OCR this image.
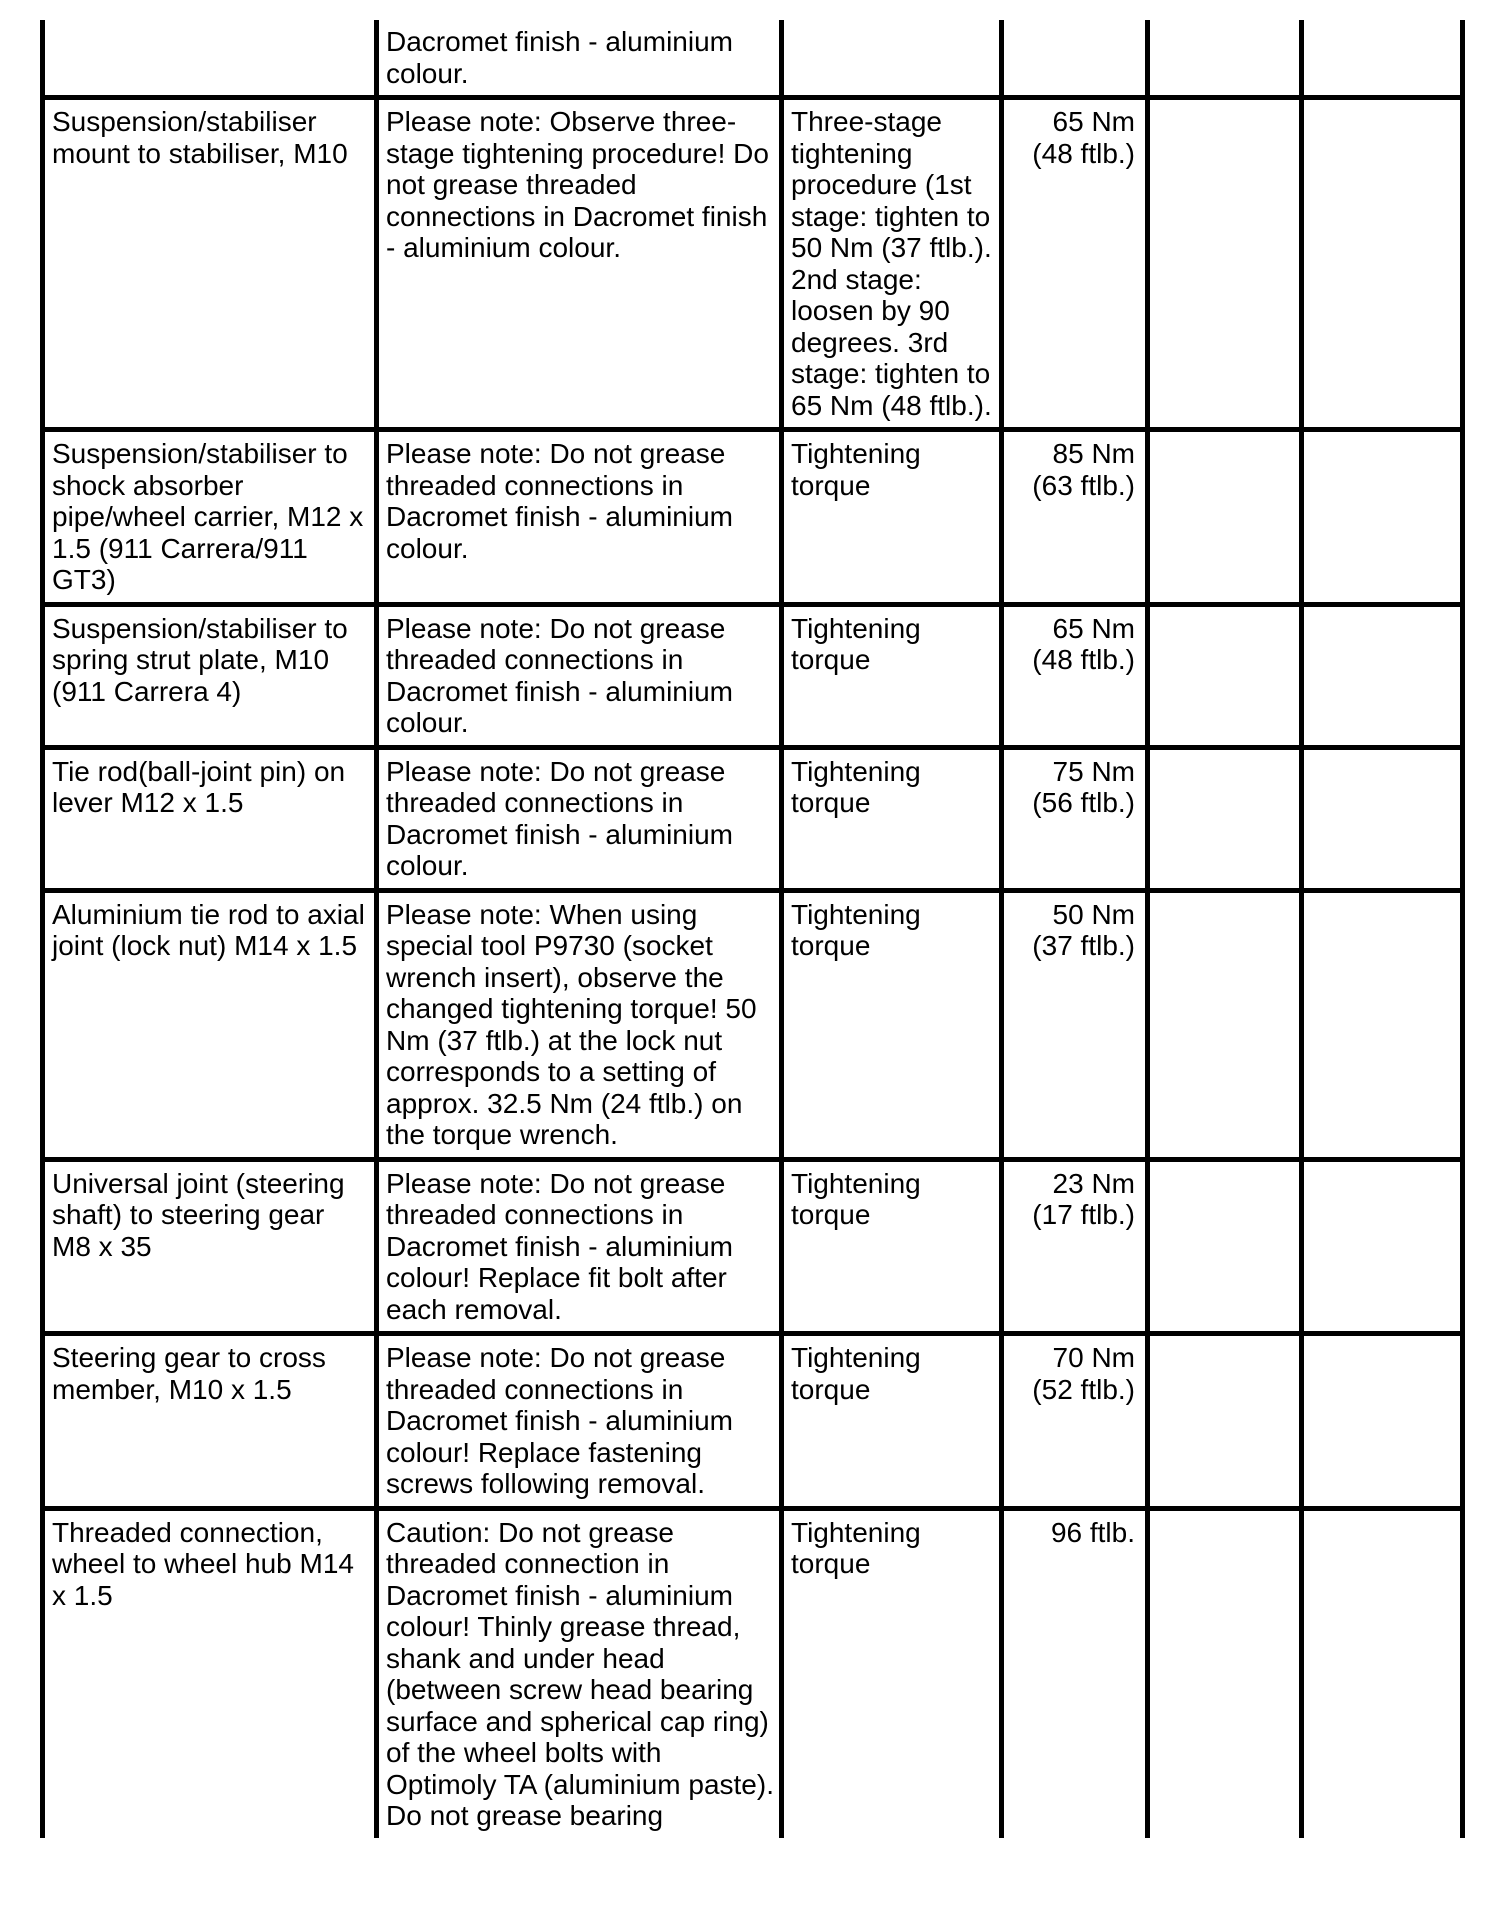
	Dacromet finish - aluminium colour.				
Suspension/stabiliser mount to stabiliser, M10	Please note: Observe three-stage tightening procedure! Do not grease threaded connections in Dacromet finish - aluminium colour.	Three-stage tightening procedure (1st stage: tighten to 50 Nm (37 ftlb.). 2nd stage: loosen by 90 degrees. 3rd stage: tighten to 65 Nm (48 ftlb.).	65 Nm (48 ftlb.)		
Suspension/stabiliser to shock absorber pipe/wheel carrier, M12 x 1.5 (911 Carrera/911 GT3)	Please note: Do not grease threaded connections in Dacromet finish - aluminium colour.	Tightening torque	85 Nm (63 ftlb.)		
Suspension/stabiliser to spring strut plate, M10 (911 Carrera 4)	Please note: Do not grease threaded connections in Dacromet finish - aluminium colour.	Tightening torque	65 Nm (48 ftlb.)		
Tie rod(ball-joint pin) on lever M12 x 1.5	Please note: Do not grease threaded connections in Dacromet finish - aluminium colour.	Tightening torque	75 Nm (56 ftlb.)		
Aluminium tie rod to axial joint (lock nut) M14 x 1.5	Please note: When using special tool P9730 (socket wrench insert), observe the changed tightening torque! 50 Nm (37 ftlb.) at the lock nut corresponds to a setting of approx. 32.5 Nm (24 ftlb.) on the torque wrench.	Tightening torque	50 Nm (37 ftlb.)		
Universal joint (steering shaft) to steering gear M8 x 35	Please note: Do not grease threaded connections in Dacromet finish - aluminium colour! Replace fit bolt after each removal.	Tightening torque	23 Nm (17 ftlb.)		
Steering gear to cross member, M10 x 1.5	Please note: Do not grease threaded connections in Dacromet finish - aluminium colour! Replace fastening screws following removal.	Tightening torque	70 Nm (52 ftlb.)		
Threaded connection, wheel to wheel hub M14 x 1.5	Caution: Do not grease threaded connection in Dacromet finish - aluminium colour! Thinly grease thread, shank and under head (between screw head bearing surface and spherical cap ring) of the wheel bolts with Optimoly TA (aluminium paste). Do not grease bearing	Tightening torque	96 ftlb.		
